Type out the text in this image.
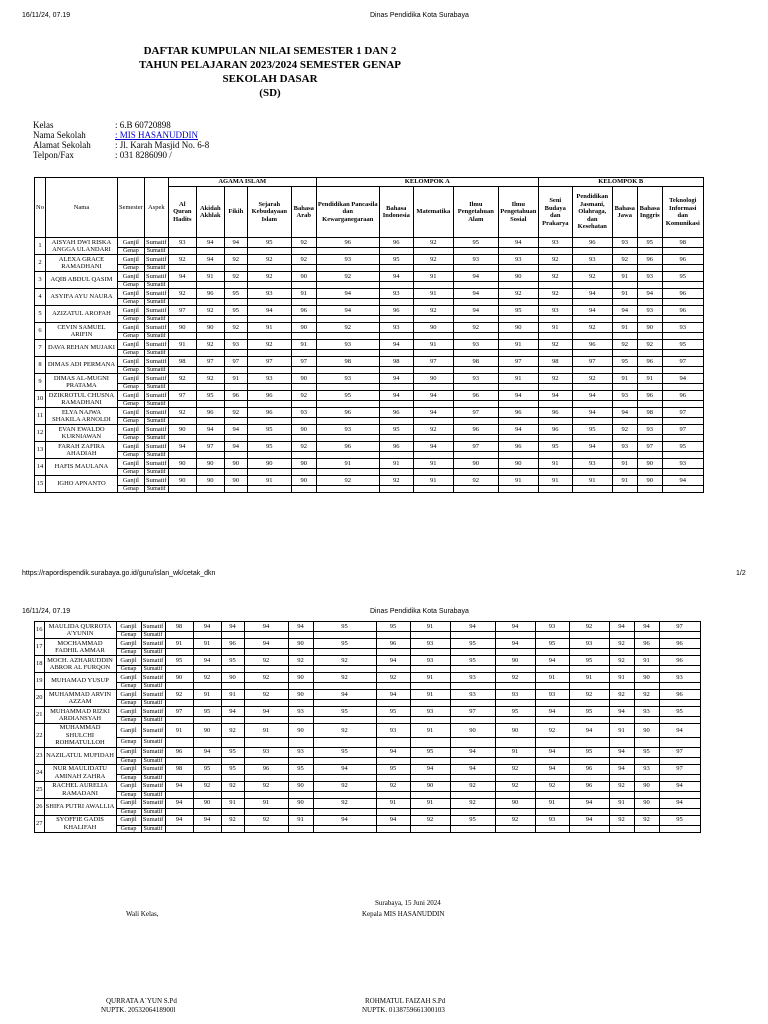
16/11/24, 07.19	Dinas Pendidika Kota Surabaya
DAFTAR KUMPULAN NILAI SEMESTER 1 DAN 2
TAHUN PELAJARAN 2023/2024 SEMESTER GENAP
SEKOLAH DASAR
(SD)
Kelas	: 6.B 60720898
Nama Sekolah	: MIS HASANUDDIN
Alamat Sekolah	: Jl. Karah Masjid No. 6-8
Telpon/Fax	: 031 8286090 /
No	Nama	Semester	Aspek	AGAMA ISLAM					KELOMPOK A					KELOMPOK B				
				Al Quran Hadits	Akidah Akhlak	Fikih	Sejarah Kebudayaan Islam	Bahasa Arab	Pendidikan Pancasila dan Kewarganegaraan	Bahasa Indonesia	Matematika	Ilmu Pengetahuan Alam	Ilmu Pengetahuan Sosial	Seni Budaya dan Prakarya	Pendidikan Jasmani, Olahraga, dan Kesehatan	Bahasa Jawa	Bahasa Inggris	Teknologi Informasi dan Komunikasi
1	AISYAH DWI RISKA ANGGA ULANDARI	Ganjil	Sumatif	93	94	94	95	92	96	96	92	95	94	93	96	93	95	98
		Genap	Sumatif															
2	ALEXA GRACE RAMADHANI	Ganjil	Sumatif	92	94	92	92	92	93	95	92	93	93	92	93	92	96	96
		Genap	Sumatif															
3	AQIB ABDUL QASIM	Ganjil	Sumatif	94	91	92	92	90	92	94	91	94	90	92	92	91	93	95
		Genap	Sumatif															
4	ASYIFA AYU NAURA	Ganjil	Sumatif	92	96	95	93	91	94	93	91	94	92	92	94	91	94	96
		Genap	Sumatif															
5	AZIZATUL AROFAH	Ganjil	Sumatif	97	92	95	94	96	94	96	92	94	95	93	94	94	93	96
		Genap	Sumatif															
6	CEVIN SAMUEL ARIFIN	Ganjil	Sumatif	90	90	92	91	90	92	93	90	92	90	91	92	91	90	93
		Genap	Sumatif															
7	DAVA REHAN MUJAKI	Ganjil	Sumatif	91	92	93	92	91	93	94	91	93	91	92	96	92	92	95
		Genap	Sumatif															
8	DIMAS ADI PERMANA	Ganjil	Sumatif	98	97	97	97	97	98	98	97	98	97	98	97	95	96	97
		Genap	Sumatif															
9	DIMAS AL-MUGNI PRATAMA	Ganjil	Sumatif	92	92	91	93	90	93	94	90	93	91	92	92	91	91	94
		Genap	Sumatif															
10	DZIKROTUL CHUSNA RAMADHANI	Ganjil	Sumatif	97	95	96	96	92	95	94	94	96	94	94	94	93	96	96
		Genap	Sumatif															
11	ELYA NAJWA SHAKILA ARNOLDI	Ganjil	Sumatif	92	96	92	96	93	96	96	94	97	96	96	94	94	98	97
		Genap	Sumatif															
12	EVAN EWALDO KURNIAWAN	Ganjil	Sumatif	90	94	94	95	90	93	95	92	96	94	96	95	92	93	97
		Genap	Sumatif															
13	FARAH ZAFIRA AHADIAH	Ganjil	Sumatif	94	97	94	95	92	96	96	94	97	96	95	94	93	97	95
		Genap	Sumatif															
14	HAFIS MAULANA	Ganjil	Sumatif	90	90	90	90	90	91	91	91	90	90	91	93	91	90	93
		Genap	Sumatif															
15	IGHO APNANTO	Ganjil	Sumatif	90	90	90	91	90	92	92	91	92	91	91	91	91	90	94
		Genap	Sumatif															
https://rapordispendik.surabaya.go.id/guru/islan_wk/cetak_dkn	1/2
16/11/24, 07.19	Dinas Pendidika Kota Surabaya
16	MAULIDA QURROTA A'YUNIN	Ganjil	Sumatif	98	94	94	94	94	95	95	91	94	94	93	92	94	94	97
		Genap	Sumatif															
17	MOCHAMMAD FADHIL AMMAR	Ganjil	Sumatif	91	91	96	94	90	95	96	93	95	94	95	93	92	96	96
		Genap	Sumatif															
18	MOCH. AZHARUDDIN ABROR AL FURQON	Ganjil	Sumatif	95	94	95	92	92	92	94	93	95	90	94	95	92	91	96
		Genap	Sumatif															
19	MUHAMAD YUSUP	Ganjil	Sumatif	90	92	90	92	90	92	92	91	93	92	91	91	91	90	93
		Genap	Sumatif															
20	MUHAMMAD ARVIN AZZAM	Ganjil	Sumatif	92	91	91	92	90	94	94	91	93	93	93	92	92	92	96
		Genap	Sumatif															
21	MUHAMMAD RIZKI ARDIANSYAH	Ganjil	Sumatif	97	95	94	94	93	95	95	93	97	95	94	95	94	93	95
		Genap	Sumatif															
22	MUHAMMAD SHULCHI ROHMATULLOH	Ganjil	Sumatif	91	90	92	91	90	92	93	91	90	90	92	94	91	90	94
		Genap	Sumatif															
23	NAZILATUL MUFIDAH	Ganjil	Sumatif	96	94	95	93	93	95	94	95	94	91	94	95	94	95	97
		Genap	Sumatif															
24	NUR MAULIDATU AMINAH ZAHRA	Ganjil	Sumatif	98	95	95	96	95	94	95	94	94	92	94	96	94	93	97
		Genap	Sumatif															
25	RACHEL AURELIA RAMADANI	Ganjil	Sumatif	94	92	92	92	90	92	92	90	92	92	92	96	92	90	94
		Genap	Sumatif															
26	SHIFA PUTRI AWALLIA	Ganjil	Sumatif	94	90	91	91	90	92	91	91	92	90	91	94	91	90	94
		Genap	Sumatif															
27	SYOFFIE GADIS KHALIFAH	Ganjil	Sumatif	94	94	92	92	91	94	94	92	95	92	93	94	92	92	95
		Genap	Sumatif															
Surabaya, 15 Juni 2024
Wali Kelas,	Kepala MIS HASANUDDIN
QURRATA A`YUN S.Pd
NUPTK. 2053206418900l
ROHMATUL FAIZAH S.Pd
NUPTK. 0138759661300103
